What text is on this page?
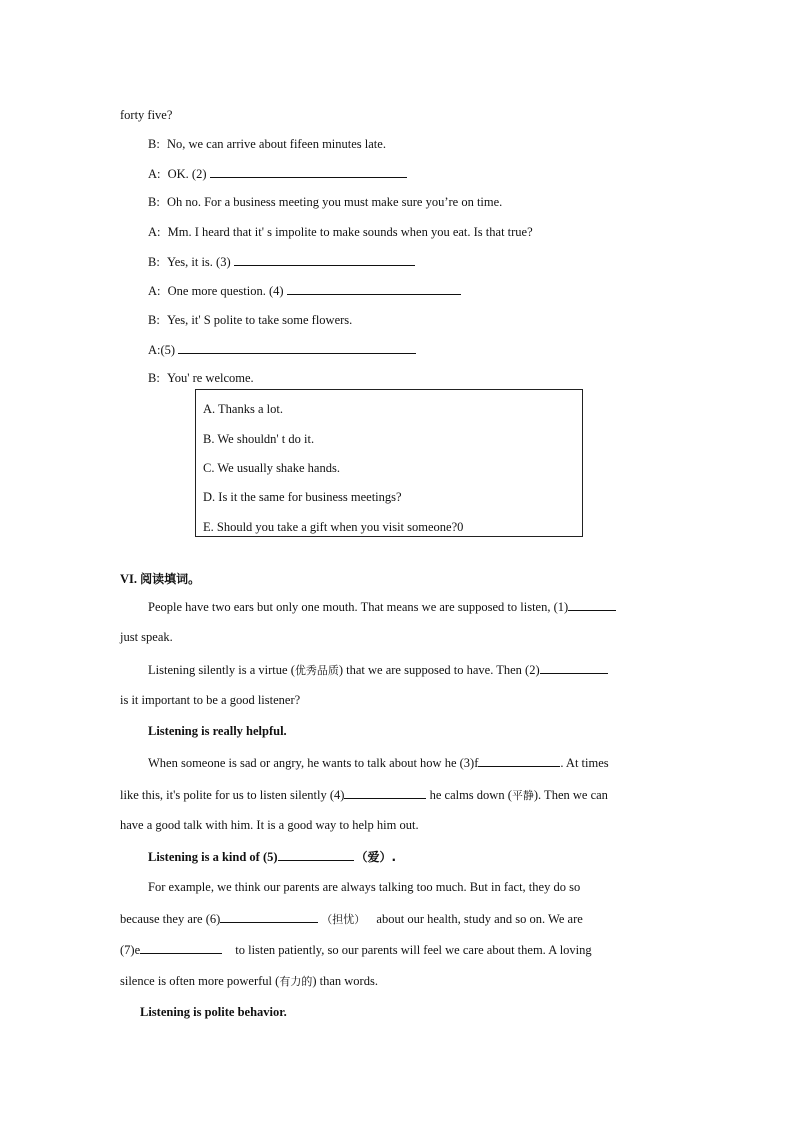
forty five?
B: No, we can arrive about fifeen minutes late.
A: OK. (2)
B: Oh no. For a business meeting you must make sure you’re on time.
A: Mm. I heard that it' s impolite to make sounds when you eat. Is that true?
B: Yes, it is. (3)
A: One more question. (4)
B: Yes, it' S polite to take some flowers.
A:(5)
B: You' re welcome.
A. Thanks a lot.
B. We shouldn' t do it.
C. We usually shake hands.
D. Is it the same for business meetings?
E. Should you take a gift when you visit someone?0
VI. 阅读填词。
People have two ears but only one mouth. That means we are supposed to listen, (1)
just speak.
Listening silently is a virtue (优秀品质) that we are supposed to have. Then (2)
is it important to be a good listener?
Listening is really helpful.
When someone is sad or angry, he wants to talk about how he (3)f	. At times
like this, it's polite for us to listen silently (4)	he calms down (平静). Then we can
have a good talk with him. It is a good way to help him out.
Listening is a kind of (5)	（爱）.
For example, we think our parents are always talking too much. But in fact, they do so
because they are (6)	（担忧） about our health, study and so on. We are
(7)e	to listen patiently, so our parents will feel we care about them. A loving
silence is often more powerful (有力的) than words.
Listening is polite behavior.
